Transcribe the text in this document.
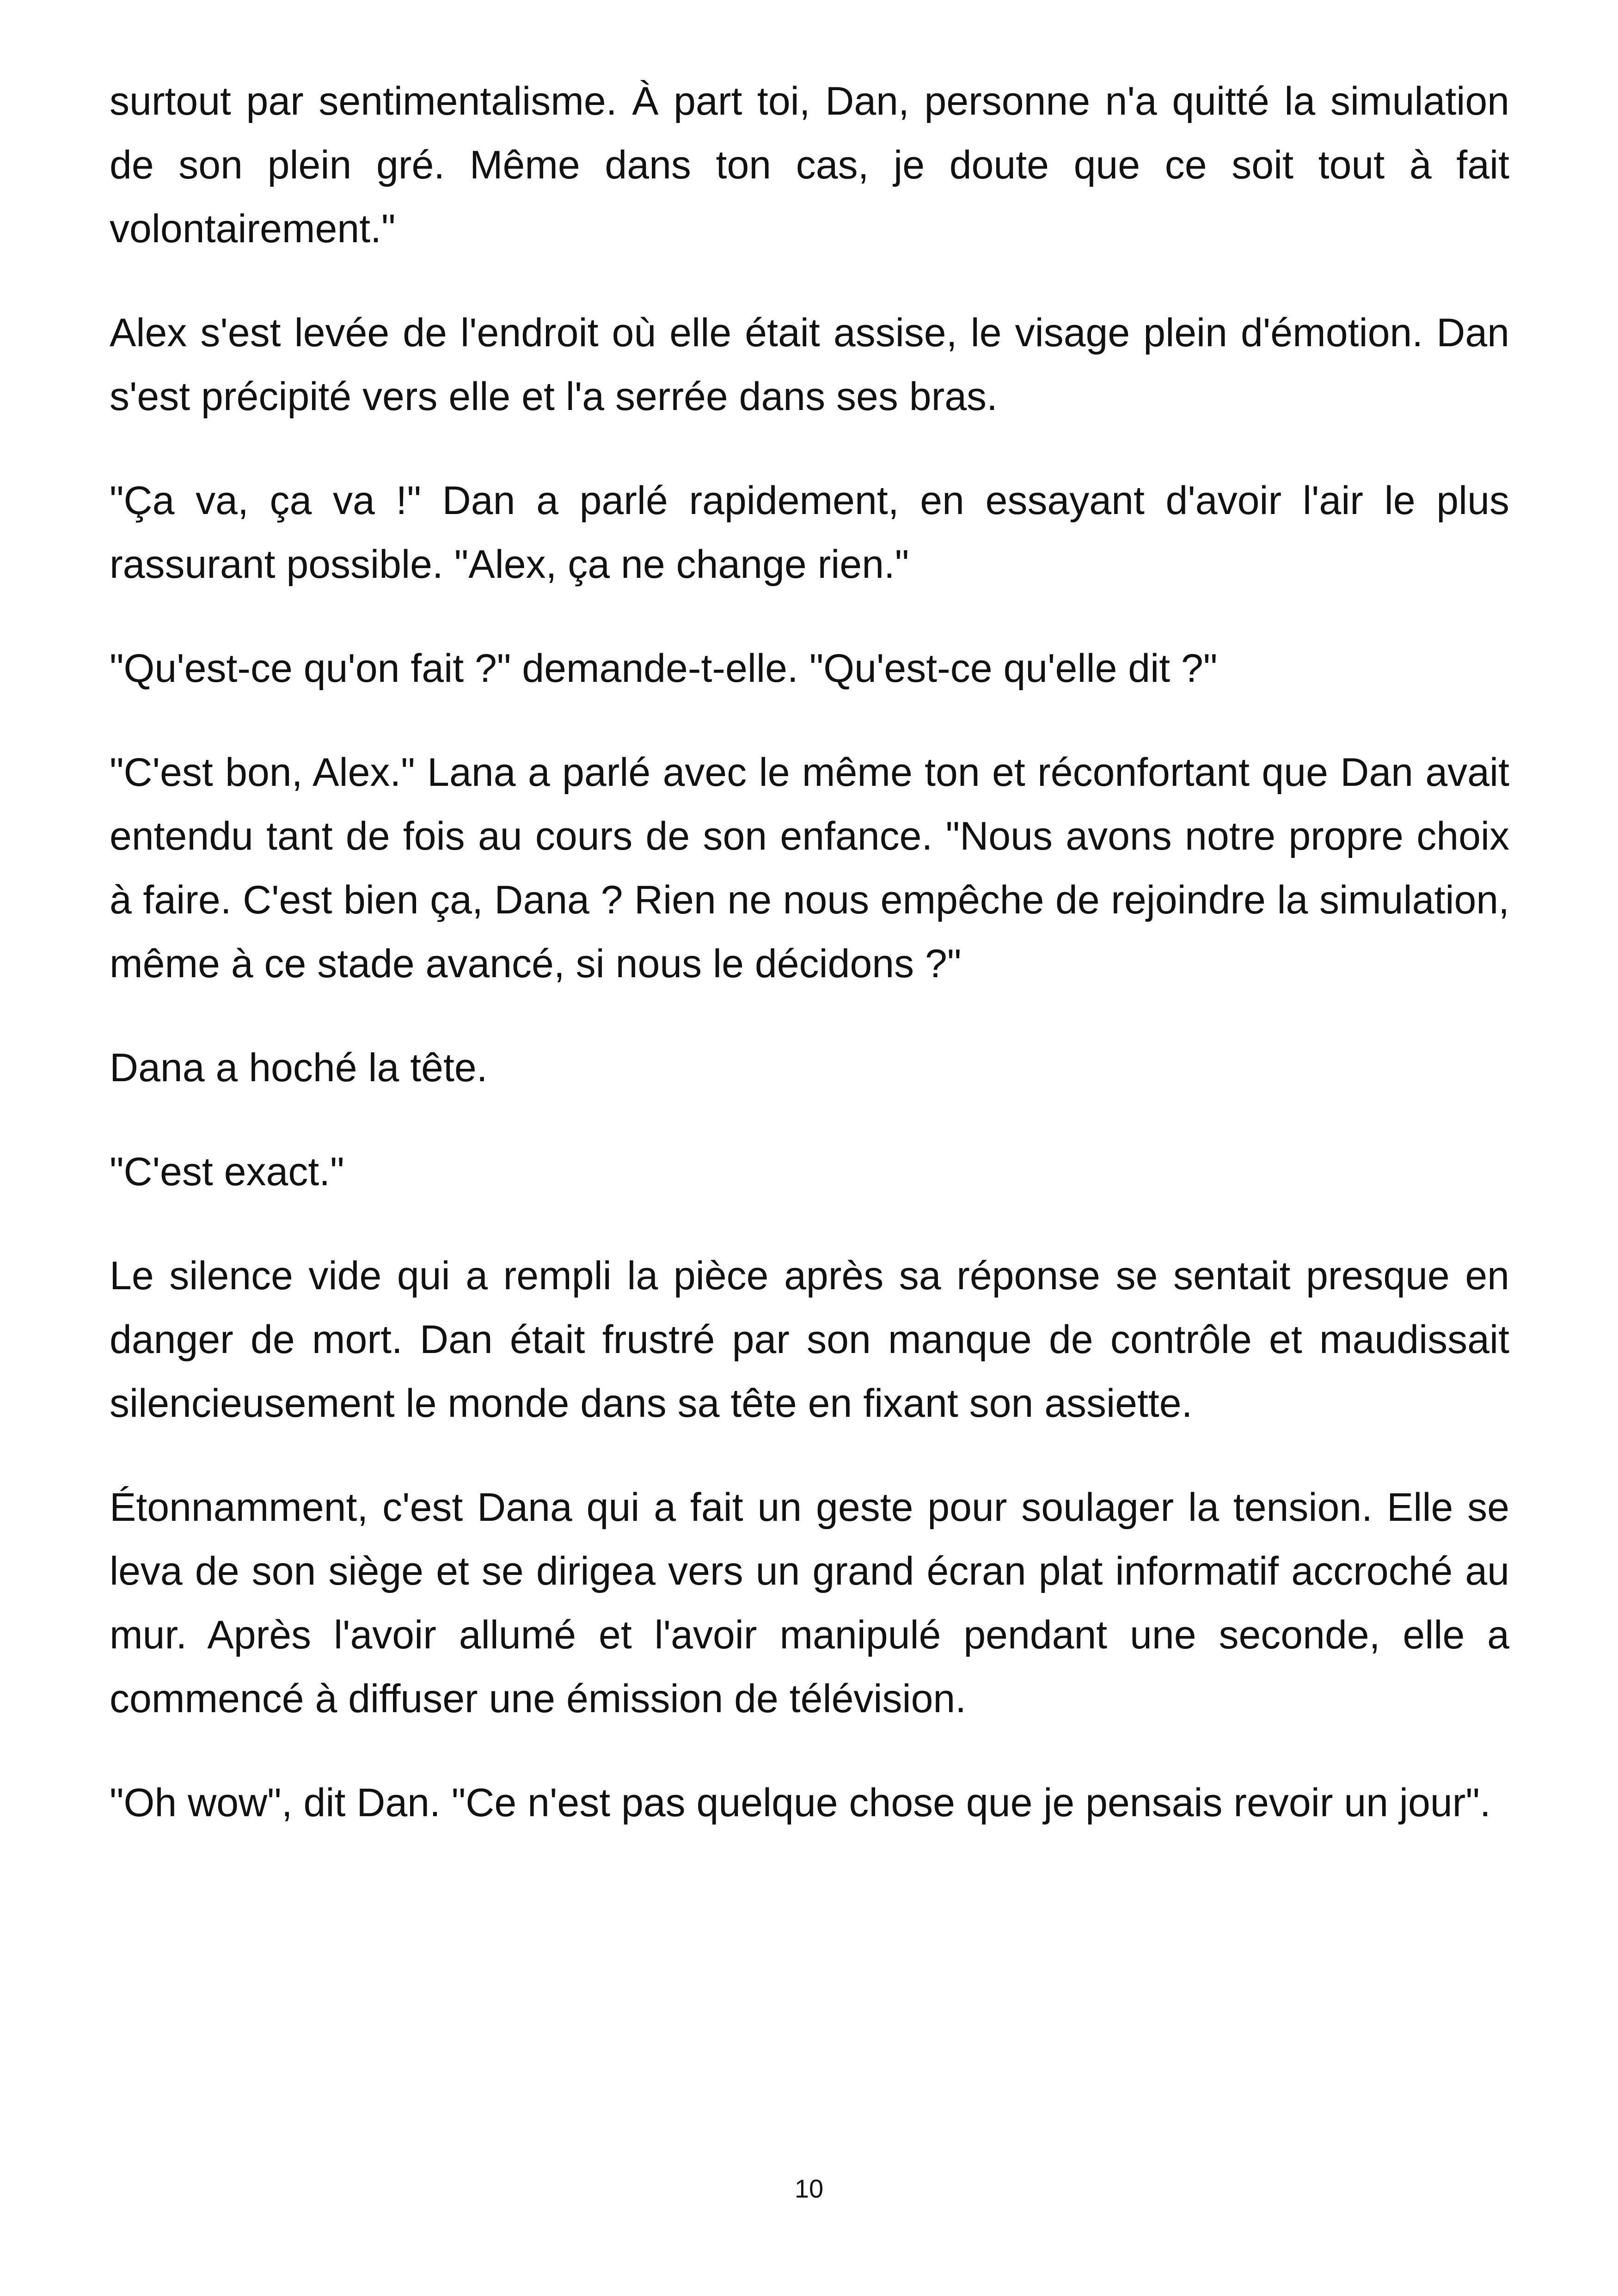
surtout par sentimentalisme. À part toi, Dan, personne n'a quitté la simulation de son plein gré. Même dans ton cas, je doute que ce soit tout à fait volontairement."

Alex s'est levée de l'endroit où elle était assise, le visage plein d'émotion. Dan s'est précipité vers elle et l'a serrée dans ses bras.

"Ça va, ça va !" Dan a parlé rapidement, en essayant d'avoir l'air le plus rassurant possible. "Alex, ça ne change rien."

"Qu'est-ce qu'on fait ?" demande-t-elle. "Qu'est-ce qu'elle dit ?"

"C'est bon, Alex." Lana a parlé avec le même ton et réconfortant que Dan avait entendu tant de fois au cours de son enfance. "Nous avons notre propre choix à faire. C'est bien ça, Dana ? Rien ne nous empêche de rejoindre la simulation, même à ce stade avancé, si nous le décidons ?"

Dana a hoché la tête.

"C'est exact."

Le silence vide qui a rempli la pièce après sa réponse se sentait presque en danger de mort. Dan était frustré par son manque de contrôle et maudissait silencieusement le monde dans sa tête en fixant son assiette.

Étonnamment, c'est Dana qui a fait un geste pour soulager la tension. Elle se leva de son siège et se dirigea vers un grand écran plat informatif accroché au mur. Après l'avoir allumé et l'avoir manipulé pendant une seconde, elle a commencé à diffuser une émission de télévision.

"Oh wow", dit Dan. "Ce n'est pas quelque chose que je pensais revoir un jour".

10
